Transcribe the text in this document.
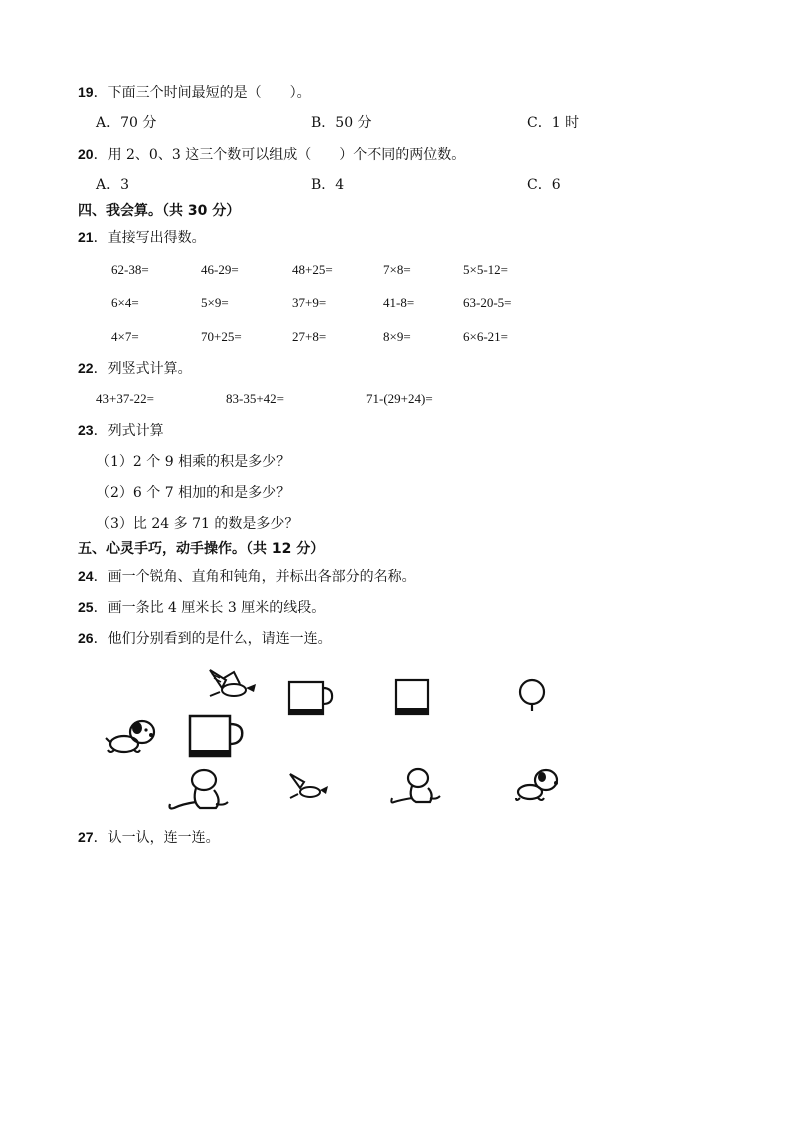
19．下面三个时间最短的是（　　）。
A．70 分	B．50 分	C．1 时
20．用 2、0、3 这三个数可以组成（　　）个不同的两位数。
A．3	B．4	C．6
四、我会算。（共 30 分）
21．直接写出得数。
62-38=	46-29=	48+25=	7×8=	5×5-12=
6×4=	5×9=	37+9=	41-8=	63-20-5=
4×7=	70+25=	27+8=	8×9=	6×6-21=
22．列竖式计算。
43+37-22=	83-35+42=	71-(29+24)=
23．列式计算
（1）2 个 9 相乘的积是多少？
（2）6 个 7 相加的和是多少？
（3）比 24 多 71 的数是多少？
五、心灵手巧，动手操作。（共 12 分）
24．画一个锐角、直角和钝角，并标出各部分的名称。
25．画一条比 4 厘米长 3 厘米的线段。
26．他们分别看到的是什么，请连一连。
27．认一认，连一连。
